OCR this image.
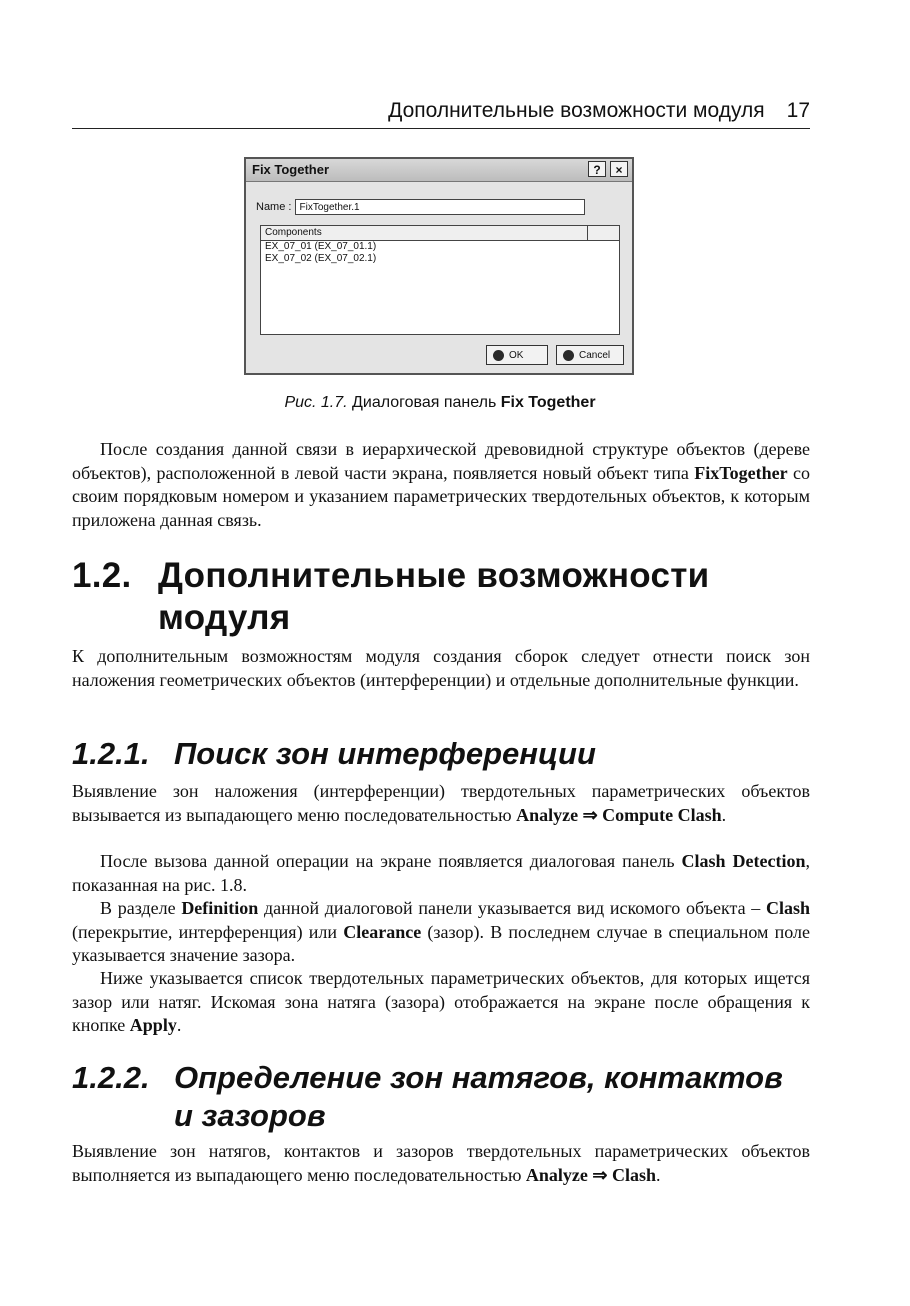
Дополнительные возможности модуля 17
Fix Together	?	×
Name : FixTogether.1
Components
EX_07_01 (EX_07_01.1)
EX_07_02 (EX_07_02.1)
OK	Cancel
Рис. 1.7. Диалоговая панель Fix Together

После создания данной связи в иерархической древовидной структуре объектов (дереве объектов), расположенной в левой части экрана, появляется новый объект типа FixTogether со своим порядковым номером и указанием параметрических твердотельных объектов, к которым приложена данная связь.

1.2. Дополнительные возможности
модуля

К дополнительным возможностям модуля создания сборок следует отнести поиск зон наложения геометрических объектов (интерференции) и отдельные дополнительные функции.

1.2.1. Поиск зон интерференции

Выявление зон наложения (интерференции) твердотельных параметрических объектов вызывается из выпадающего меню последовательностью Analyze ⇒ Compute Clash.

После вызова данной операции на экране появляется диалоговая панель Clash Detection, показанная на рис. 1.8.

В разделе Definition данной диалоговой панели указывается вид искомого объекта – Clash (перекрытие, интерференция) или Clearance (зазор). В последнем случае в специальном поле указывается значение зазора.

Ниже указывается список твердотельных параметрических объектов, для которых ищется зазор или натяг. Искомая зона натяга (зазора) отображается на экране после обращения к кнопке Apply.

1.2.2. Определение зон натягов, контактов
и зазоров

Выявление зон натягов, контактов и зазоров твердотельных параметрических объектов выполняется из выпадающего меню последовательностью Analyze ⇒ Clash.
